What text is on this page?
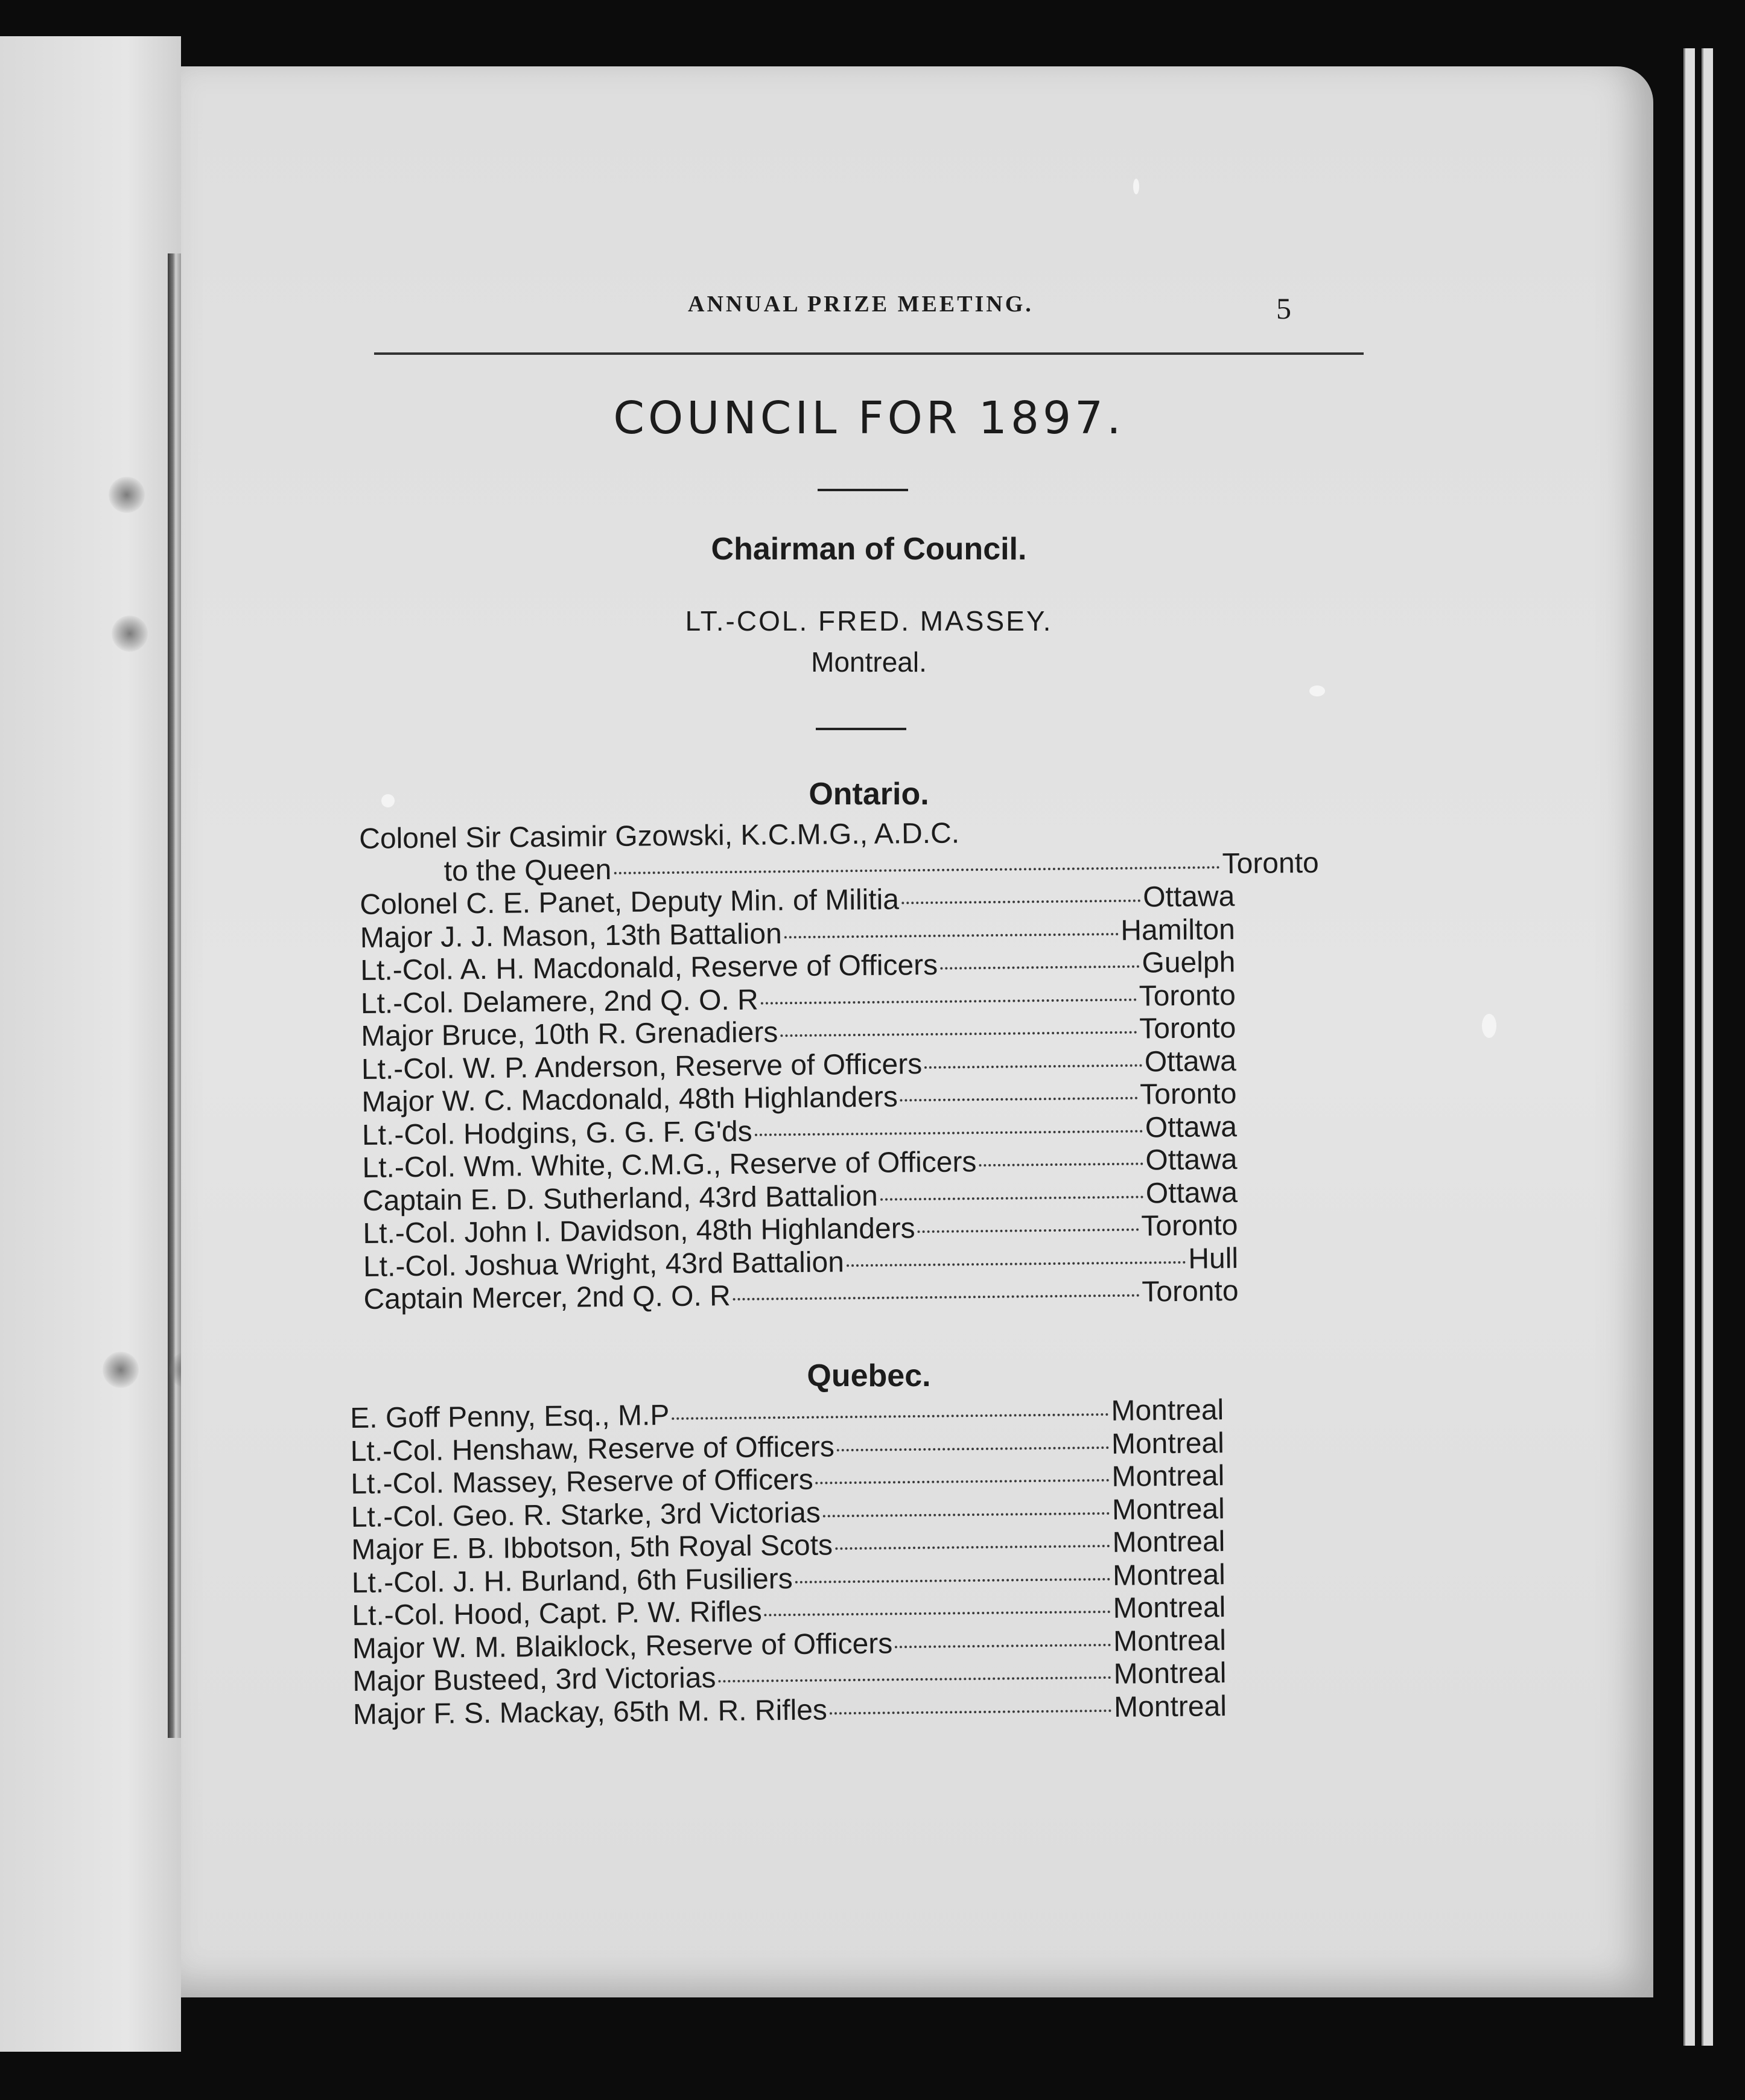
ANNUAL PRIZE MEETING.	5
COUNCIL FOR 1897.
Chairman of Council.
LT.-COL. FRED. MASSEY.
Montreal.
Ontario.
Colonel Sir Casimir Gzowski, K.C.M.G., A.D.C.
to the Queen	Toronto
Colonel C. E. Panet, Deputy Min. of Militia	Ottawa
Major J. J. Mason, 13th Battalion	Hamilton
Lt.-Col. A. H. Macdonald, Reserve of Officers	Guelph
Lt.-Col. Delamere, 2nd Q. O. R	Toronto
Major Bruce, 10th R. Grenadiers	Toronto
Lt.-Col. W. P. Anderson, Reserve of Officers	Ottawa
Major W. C. Macdonald, 48th Highlanders	Toronto
Lt.-Col. Hodgins, G. G. F. G'ds	Ottawa
Lt.-Col. Wm. White, C.M.G., Reserve of Officers	Ottawa
Captain E. D. Sutherland, 43rd Battalion	Ottawa
Lt.-Col. John I. Davidson, 48th Highlanders	Toronto
Lt.-Col. Joshua Wright, 43rd Battalion	Hull
Captain Mercer, 2nd Q. O. R	Toronto
Quebec.
E. Goff Penny, Esq., M.P	Montreal
Lt.-Col. Henshaw, Reserve of Officers	Montreal
Lt.-Col. Massey, Reserve of Officers	Montreal
Lt.-Col. Geo. R. Starke, 3rd Victorias	Montreal
Major E. B. Ibbotson, 5th Royal Scots	Montreal
Lt.-Col. J. H. Burland, 6th Fusiliers	Montreal
Lt.-Col. Hood, Capt. P. W. Rifles	Montreal
Major W. M. Blaiklock, Reserve of Officers	Montreal
Major Busteed, 3rd Victorias	Montreal
Major F. S. Mackay, 65th M. R. Rifles	Montreal
